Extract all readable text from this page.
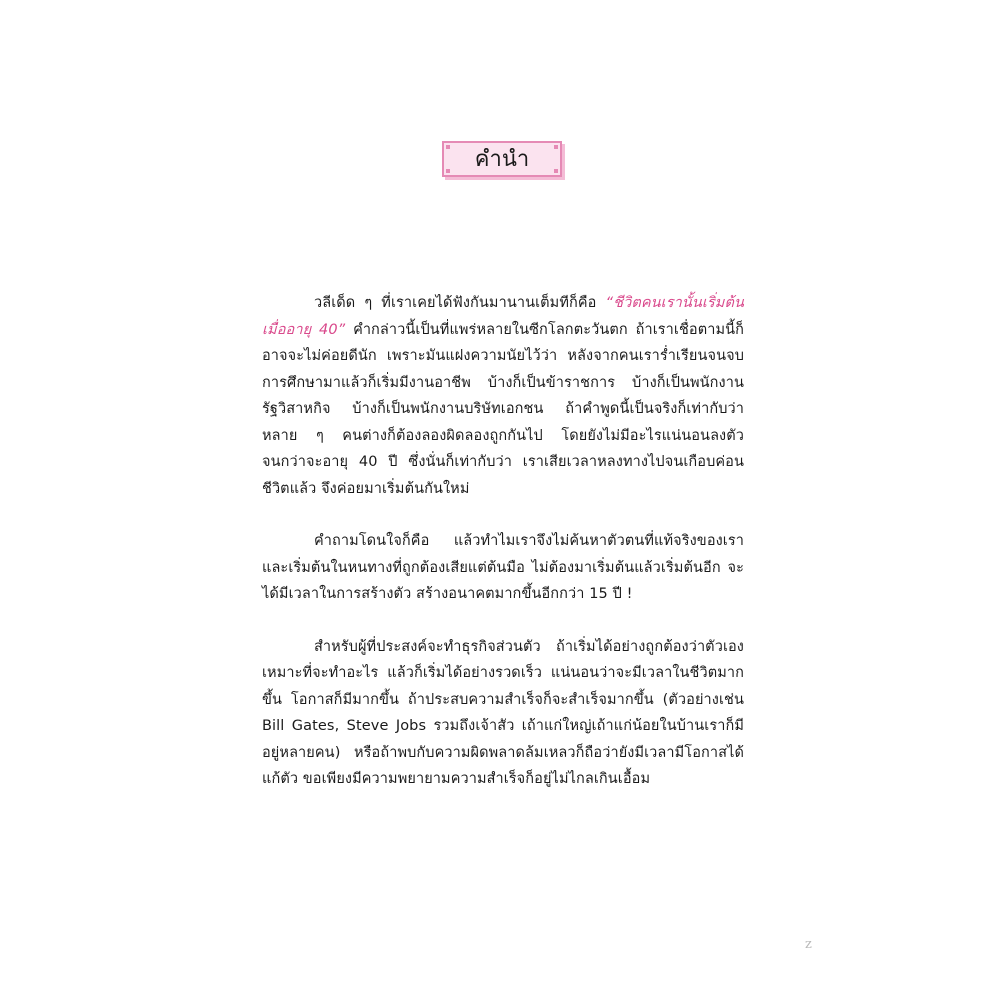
คำนำ

วลีเด็ด ๆ ที่เราเคยได้ฟังกันมานานเต็มทีก็คือ “ชีวิตคนเรานั้นเริ่มต้นเมื่ออายุ 40” คำกล่าวนี้เป็นที่แพร่หลายในซีกโลกตะวันตก ถ้าเราเชื่อตามนี้ก็อาจจะไม่ค่อยดีนัก เพราะมันแฝงความนัยไว้ว่า หลังจากคนเราร่ำเรียนจนจบการศึกษามาแล้วก็เริ่มมีงานอาชีพ บ้างก็เป็นข้าราชการ บ้างก็เป็นพนักงานรัฐวิสาหกิจ บ้างก็เป็นพนักงานบริษัทเอกชน ถ้าคำพูดนี้เป็นจริงก็เท่ากับว่าหลาย ๆ คนต่างก็ต้องลองผิดลองถูกกันไป โดยยังไม่มีอะไรแน่นอนลงตัวจนกว่าจะอายุ 40 ปี ซึ่งนั่นก็เท่ากับว่า เราเสียเวลาหลงทางไปจนเกือบค่อนชีวิตแล้ว จึงค่อยมาเริ่มต้นกันใหม่

คำถามโดนใจก็คือ แล้วทำไมเราจึงไม่ค้นหาตัวตนที่แท้จริงของเรา และเริ่มต้นในหนทางที่ถูกต้องเสียแต่ต้นมือ ไม่ต้องมาเริ่มต้นแล้วเริ่มต้นอีก จะได้มีเวลาในการสร้างตัว สร้างอนาคตมากขึ้นอีกกว่า 15 ปี !

สำหรับผู้ที่ประสงค์จะทำธุรกิจส่วนตัว ถ้าเริ่มได้อย่างถูกต้องว่าตัวเองเหมาะที่จะทำอะไร แล้วก็เริ่มได้อย่างรวดเร็ว แน่นอนว่าจะมีเวลาในชีวิตมากขึ้น โอกาสก็มีมากขึ้น ถ้าประสบความสำเร็จก็จะสำเร็จมากขึ้น (ตัวอย่างเช่น Bill Gates, Steve Jobs รวมถึงเจ้าสัว เถ้าแก่ใหญ่เถ้าแก่น้อยในบ้านเราก็มีอยู่หลายคน) หรือถ้าพบกับความผิดพลาดล้มเหลวก็ถือว่ายังมีเวลามีโอกาสได้แก้ตัว ขอเพียงมีความพยายามความสำเร็จก็อยู่ไม่ไกลเกินเอื้อม

z
